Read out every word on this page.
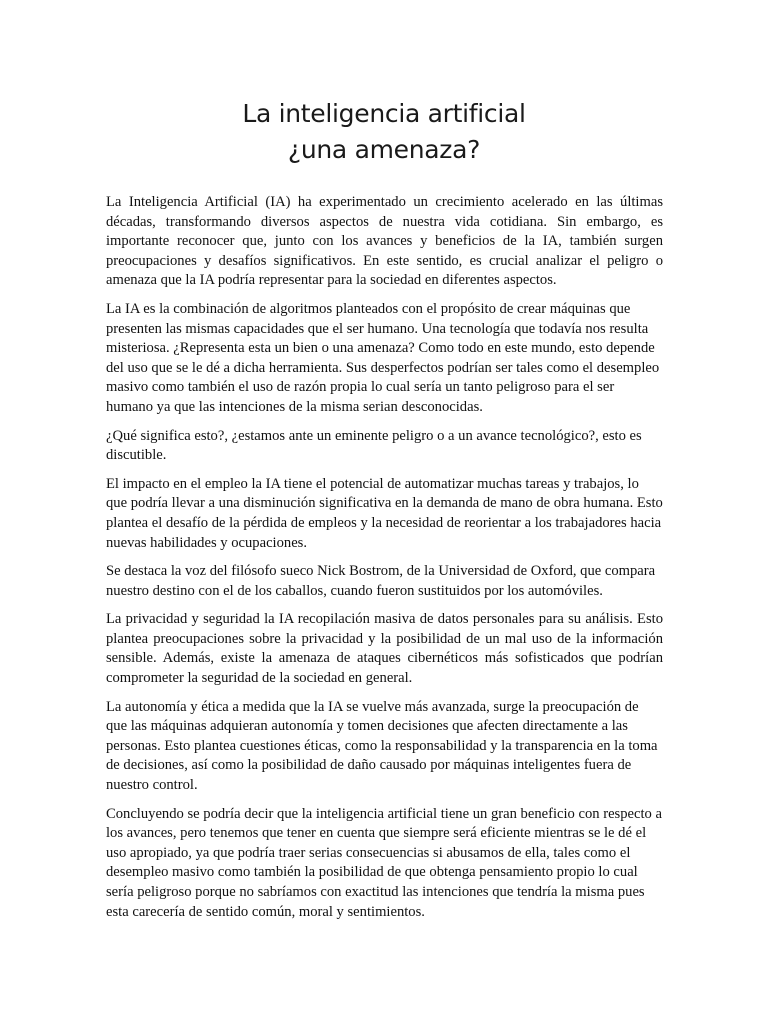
La inteligencia artificial
¿una amenaza?

La Inteligencia Artificial (IA) ha experimentado un crecimiento acelerado en las últimas décadas, transformando diversos aspectos de nuestra vida cotidiana. Sin embargo, es importante reconocer que, junto con los avances y beneficios de la IA, también surgen preocupaciones y desafíos significativos. En este sentido, es crucial analizar el peligro o amenaza que la IA podría representar para la sociedad en diferentes aspectos.

La IA es la combinación de algoritmos planteados con el propósito de crear máquinas que presenten las mismas capacidades que el ser humano. Una tecnología que todavía nos resulta misteriosa. ¿Representa esta un bien o una amenaza? Como todo en este mundo, esto depende del uso que se le dé a dicha herramienta. Sus desperfectos podrían ser tales como el desempleo masivo como también el uso de razón propia lo cual sería un tanto peligroso para el ser humano ya que las intenciones de la misma serian desconocidas.

¿Qué significa esto?, ¿estamos ante un eminente peligro o a un avance tecnológico?, esto es discutible.

El impacto en el empleo la IA tiene el potencial de automatizar muchas tareas y trabajos, lo que podría llevar a una disminución significativa en la demanda de mano de obra humana. Esto plantea el desafío de la pérdida de empleos y la necesidad de reorientar a los trabajadores hacia nuevas habilidades y ocupaciones.

Se destaca la voz del filósofo sueco Nick Bostrom, de la Universidad de Oxford, que compara nuestro destino con el de los caballos, cuando fueron sustituidos por los automóviles.

La privacidad y seguridad la IA recopilación masiva de datos personales para su análisis. Esto plantea preocupaciones sobre la privacidad y la posibilidad de un mal uso de la información sensible. Además, existe la amenaza de ataques cibernéticos más sofisticados que podrían comprometer la seguridad de la sociedad en general.

La autonomía y ética a medida que la IA se vuelve más avanzada, surge la preocupación de que las máquinas adquieran autonomía y tomen decisiones que afecten directamente a las personas. Esto plantea cuestiones éticas, como la responsabilidad y la transparencia en la toma de decisiones, así como la posibilidad de daño causado por máquinas inteligentes fuera de nuestro control.

Concluyendo se podría decir que la inteligencia artificial tiene un gran beneficio con respecto a los avances, pero tenemos que tener en cuenta que siempre será eficiente mientras se le dé el uso apropiado, ya que podría traer serias consecuencias si abusamos de ella, tales como el desempleo masivo como también la posibilidad de que obtenga pensamiento propio lo cual sería peligroso porque no sabríamos con exactitud las intenciones que tendría la misma pues esta carecería de sentido común, moral y sentimientos.
